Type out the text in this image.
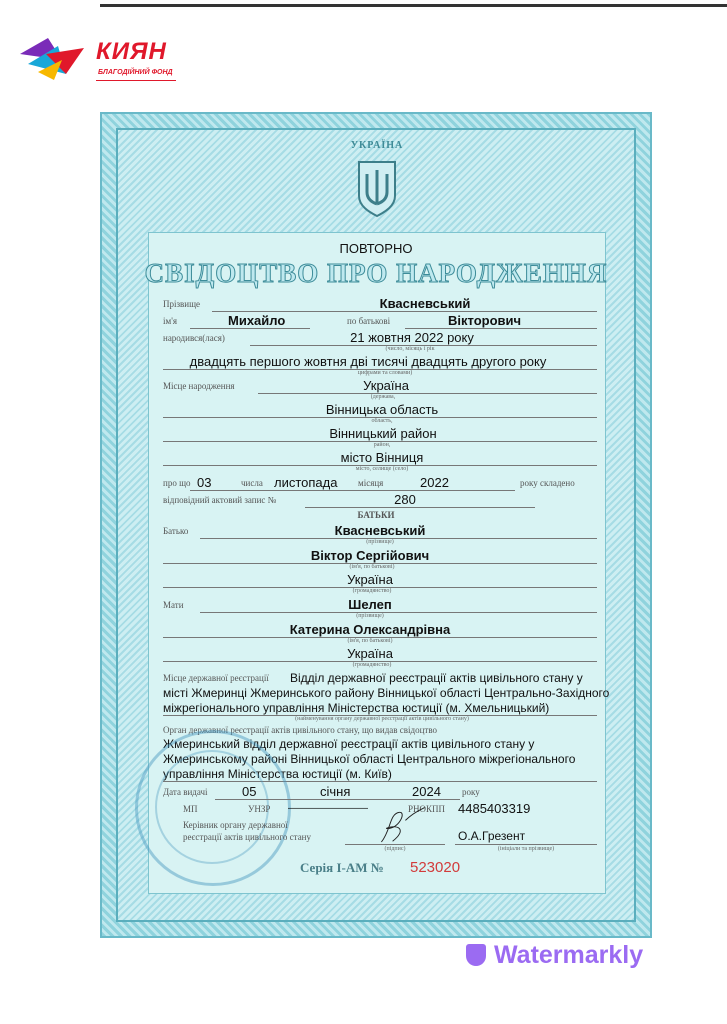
КИЯН
БЛАГОДІЙНИЙ ФОНД
УКРАЇНА
ПОВТОРНО
СВІДОЦТВО ПРО НАРОДЖЕННЯ
Прізвище	Квасневський
ім'я	Михайло	по батькові	Вікторович
народився(лася)	21 жовтня 2022 року
(число, місяць і рік
двадцять першого жовтня дві тисячі двадцять другого року
цифрами та словами)
Місце народження	Україна
(держава,
Вінницька область
область,
Вінницький район
район,
місто Вінниця
місто, селище (село)
про що 03	числа листопада місяця	2022	року складено
відповідний актовий запис №	280
БАТЬКИ
Батько	Квасневський
(прізвище)
Віктор Сергійович
(ім'я, по батькові)
Україна
(громадянство)
Мати	Шелеп
(прізвище)
Катерина Олександрівна
(ім'я, по батькові)
Україна
(громадянство)
Місце державної реєстрації Відділ державної реєстрації актів цивільного стану у
місті Жмеринці Жмеринського району Вінницької області Центрально-Західного
міжрегіонального управління Міністерства юстиції (м. Хмельницький)
(найменування органу державної реєстрації актів цивільного стану)
Орган державної реєстрації актів цивільного стану, що видав свідоцтво
Жмеринський відділ державної реєстрації актів цивільного стану у
Жмеринському районі Вінницької області Центрального міжрегіонального
управління Міністерства юстиції (м. Київ)
Дата видачі	05	січня	2024 року
МП	УНЗР ————————	РНОКПП 4485403319
Керівник органу державної
реєстрації актів цивільного стану
(підпис)
О.А.Грезент
(ініціали та прізвище)
Серія І-АМ № 523020
Watermarkly
